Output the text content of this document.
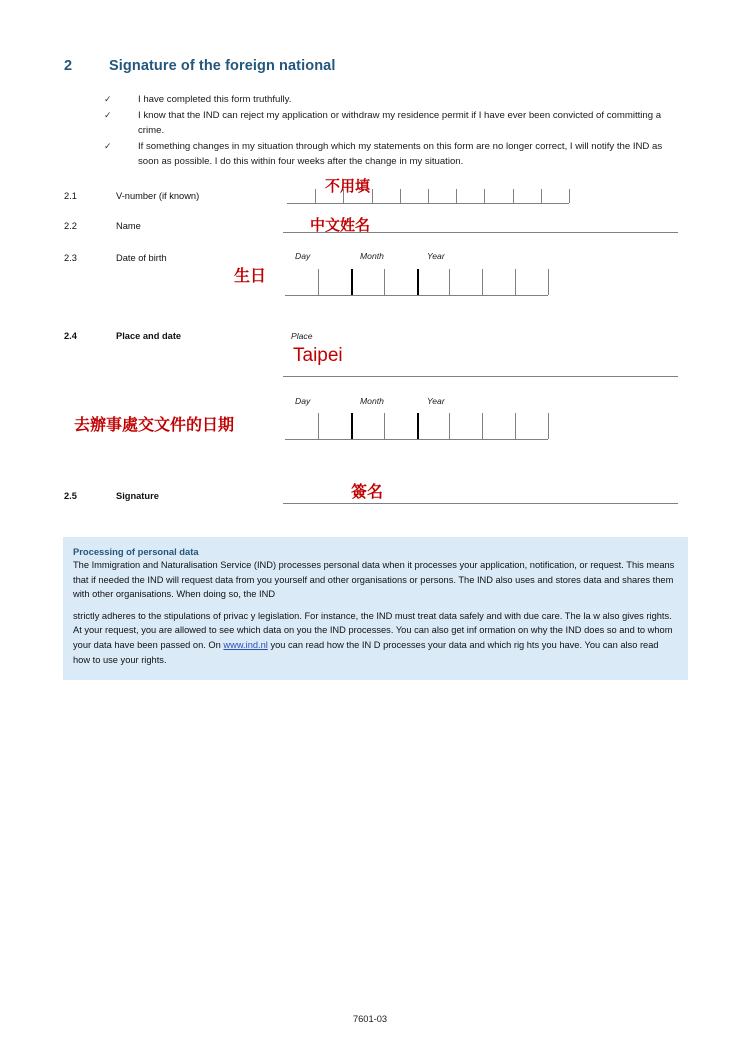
2	Signature of the foreign national
✓	I have completed this form truthfully.
✓	I know that the IND can reject my application or withdraw my residence permit if I have ever been convicted of committing a crime.
✓	If something changes in my situation through which my statements on this form are no longer correct, I will notify the IND as soon as possible. I do this within four weeks after the change in my situation.
2.1	V-number (if known)
不用填
2.2	Name	中文姓名
2.3	Date of birth	Day	Month	Year
生日
2.4	Place and date	Place
Taipei
Day	Month	Year
去辦事處交文件的日期
2.5	Signature	簽名
Processing of personal data

The Immigration and Naturalisation Service (IND) processes personal data when it processes your application, notification, or request. This means that if needed the IND will request data from you yourself and other organisations or persons. The IND also uses and stores data and shares them with other organisations. When doing so, the IND

strictly adheres to the stipulations of privac y legislation. For instance, the IND must treat data safely and with due care. The la w also gives rights. At your request, you are allowed to see which data on you the IND processes. You can also get inf ormation on why the IND does so and to whom your data have been passed on. On www.ind.nl you can read how the IN D processes your data and which rig hts you have. You can also read how to use your rights.

7601-03
